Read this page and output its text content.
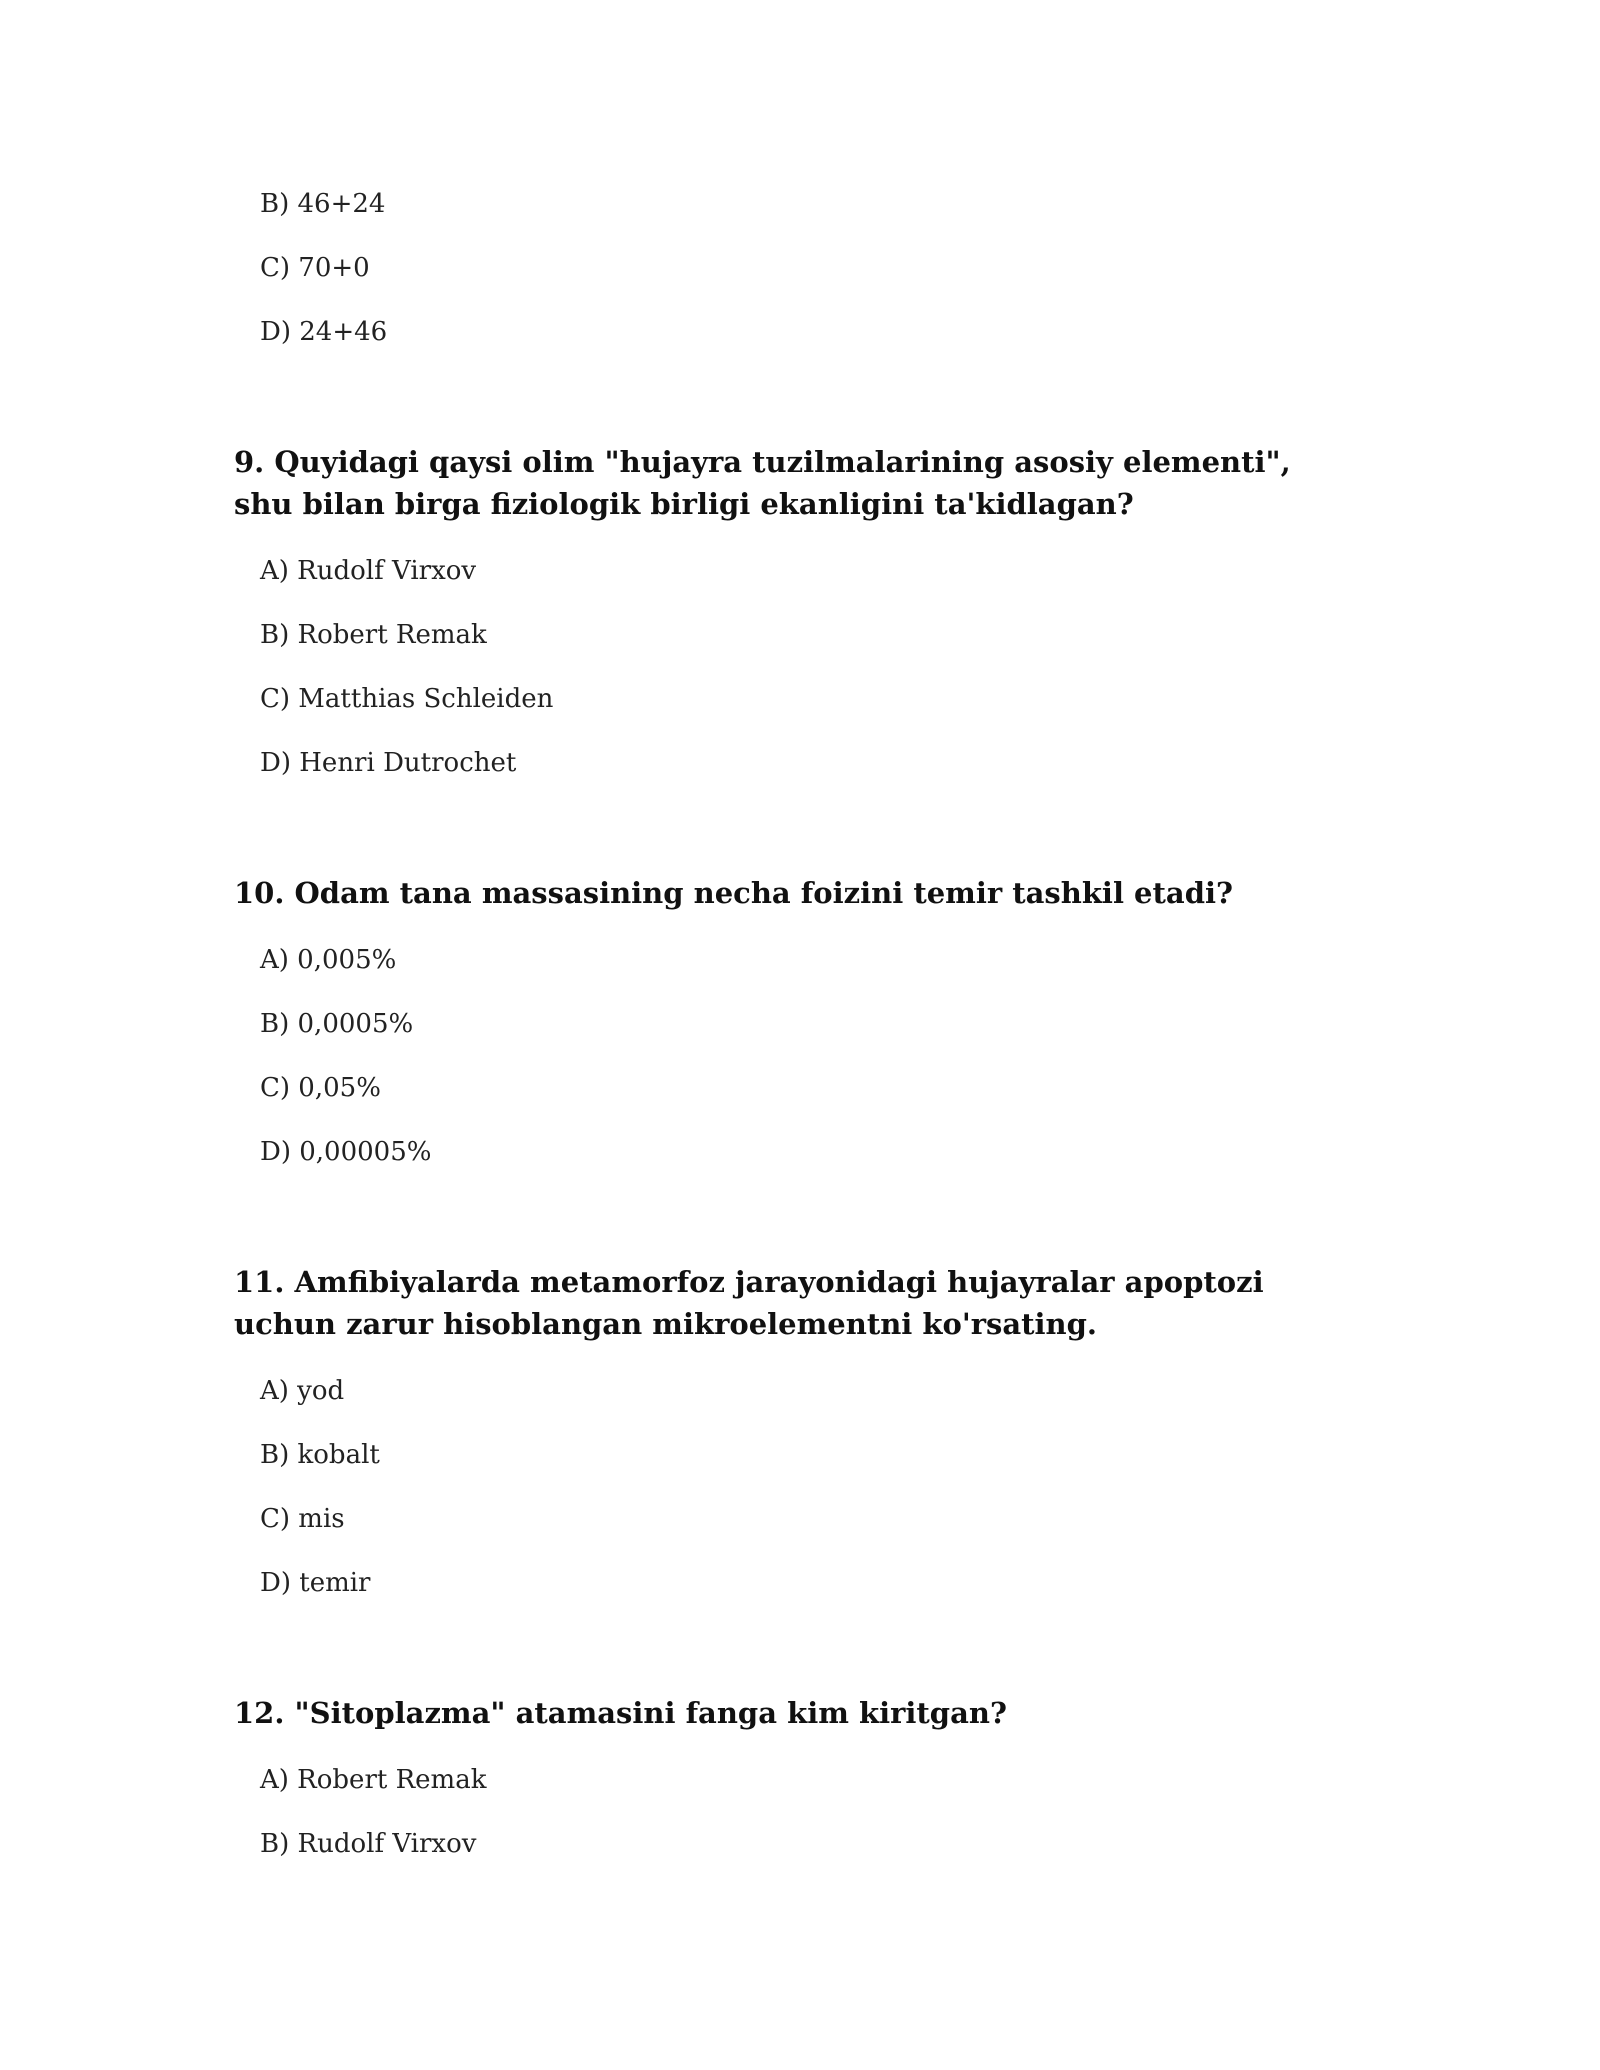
B) 46+24
C) 70+0
D) 24+46
9. Quyidagi qaysi olim "hujayra tuzilmalarining asosiy elementi", shu bilan birga fiziologik birligi ekanligini ta'kidlagan?
A) Rudolf Virxov
B) Robert Remak
C) Matthias Schleiden
D) Henri Dutrochet
10. Odam tana massasining necha foizini temir tashkil etadi?
A) 0,005%
B) 0,0005%
C) 0,05%
D) 0,00005%
11. Amfibiyalarda metamorfoz jarayonidagi hujayralar apoptozi uchun zarur hisoblangan mikroelementni ko'rsating.
A) yod
B) kobalt
C) mis
D) temir
12. "Sitoplazma" atamasini fanga kim kiritgan?
A) Robert Remak
B) Rudolf Virxov
